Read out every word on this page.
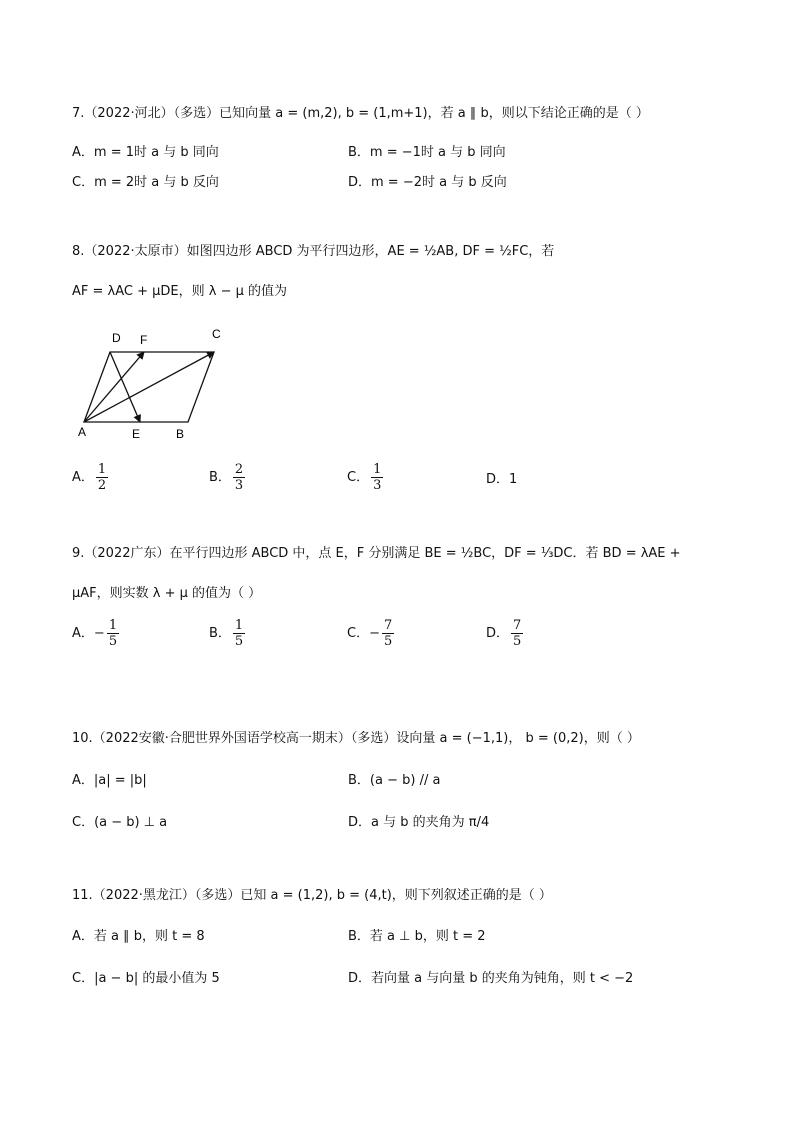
7.（2022·河北）（多选）已知向量 a = (m,2), b = (1,m+1)，若 a ∥ b，则以下结论正确的是（ ）
A．m = 1时 a 与 b 同向	B．m = −1时 a 与 b 同向
C．m = 2时 a 与 b 反向	D．m = −2时 a 与 b 反向
8.（2022·太原市）如图四边形 ABCD 为平行四边形，AE = ½AB, DF = ½FC，若
AF = λAC + μDE，则 λ − μ 的值为
A	E	B
D F	C
A． $\frac{1}{2}$	B． $\frac{2}{3}$	C． $\frac{1}{3}$	D．1
9.（2022广东）在平行四边形 ABCD 中，点 E，F 分别满足 BE = ½BC，DF = ⅓DC．若 BD = λAE +
μAF，则实数 λ + μ 的值为（ ）
A．− $\frac{1}{5}$	B． $\frac{1}{5}$	C．− $\frac{7}{5}$	D． $\frac{7}{5}$
10.（2022安徽·合肥世界外国语学校高一期末）（多选）设向量 a = (−1,1)， b = (0,2)，则（ ）
A．|a| = |b|	B．(a − b) // a
C．(a − b) ⊥ a	D．a 与 b 的夹角为 π/4
11.（2022·黑龙江）（多选）已知 a = (1,2), b = (4,t)，则下列叙述正确的是（ ）
A．若 a ∥ b，则 t = 8	B．若 a ⊥ b，则 t = 2
C．|a − b| 的最小值为 5	D．若向量 a 与向量 b 的夹角为钝角，则 t < −2
